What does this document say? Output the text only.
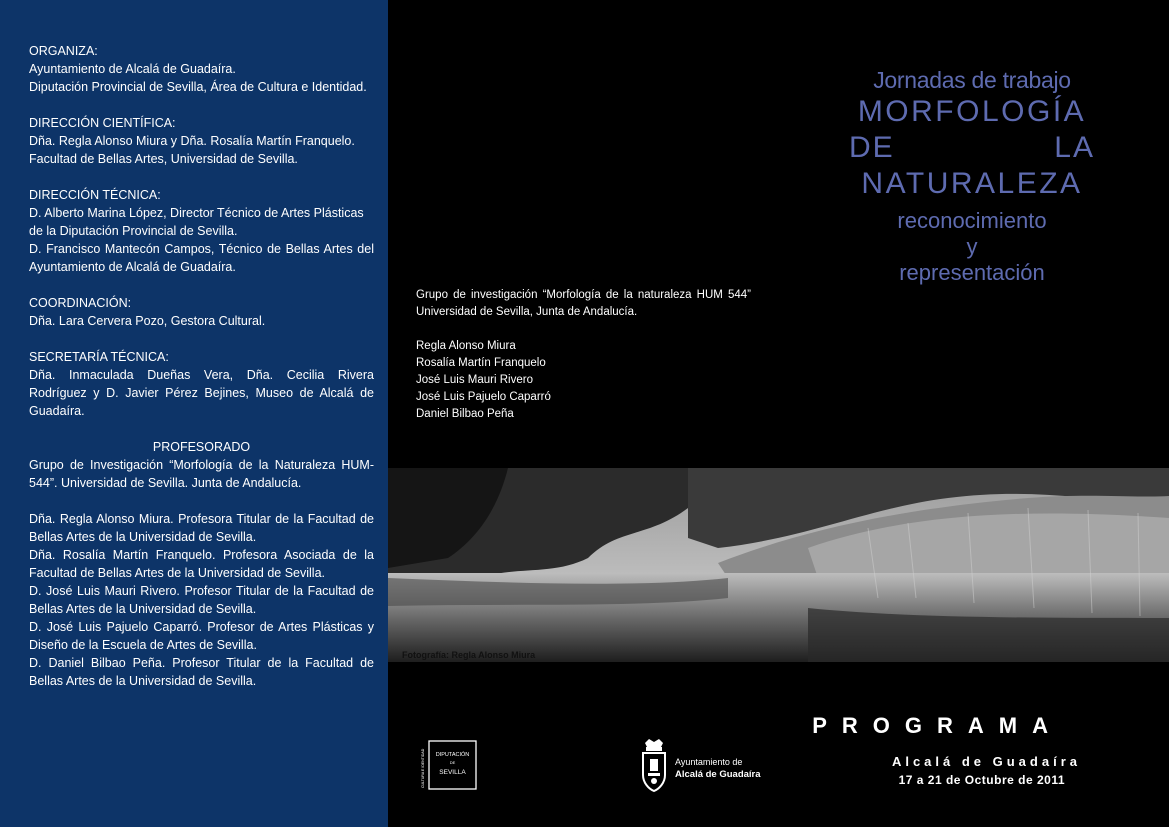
ORGANIZA:

Ayuntamiento de Alcalá de Guadaíra.

Diputación Provincial de Sevilla, Área de Cultura e Identidad.

DIRECCIÓN CIENTÍFICA:

Dña. Regla Alonso Miura y Dña. Rosalía Martín Franquelo. Facultad de Bellas Artes, Universidad de Sevilla.

DIRECCIÓN TÉCNICA:

D. Alberto Marina López, Director Técnico de Artes Plásticas de la Diputación Provincial de Sevilla.

D. Francisco Mantecón Campos, Técnico de Bellas Artes del Ayuntamiento de Alcalá de Guadaíra.

COORDINACIÓN:

Dña. Lara Cervera Pozo, Gestora Cultural.

SECRETARÍA TÉCNICA:

Dña. Inmaculada Dueñas Vera, Dña. Cecilia Rivera Rodríguez y D. Javier Pérez Bejines, Museo de Alcalá de Guadaíra.

PROFESORADO

Grupo de Investigación “Morfología de la Naturaleza HUM-544”. Universidad de Sevilla. Junta de Andalucía.

Dña. Regla Alonso Miura. Profesora Titular de la Facultad de Bellas Artes de la Universidad de Sevilla.

Dña. Rosalía Martín Franquelo. Profesora Asociada de la Facultad de Bellas Artes de la Universidad de Sevilla.

D. José Luis Mauri Rivero. Profesor Titular de la Facultad de Bellas Artes de la Universidad de Sevilla.

D. José Luis Pajuelo Caparró. Profesor de Artes Plásticas y Diseño de la Escuela de Artes de Sevilla.

D. Daniel Bilbao Peña. Profesor Titular de la Facultad de Bellas Artes de la Universidad de Sevilla.

Jornadas de trabajo
MORFOLOGÍA
DE LA
NATURALEZA
reconocimiento
y
representación

Grupo de investigación “Morfología de la naturaleza HUM 544” Universidad de Sevilla, Junta de Andalucía.

Regla Alonso Miura
Rosalía Martín Franquelo
José Luis Mauri Rivero
José Luis Pajuelo Caparró
Daniel Bilbao Peña
Fotografía: Regla Alonso Miura
PROGRAMA
Alcalá de Guadaíra
17 a 21 de Octubre de 2011
DIPUTACIÓN
DE
SEVILLA
CULTURA E IDENTIDAD	Ayuntamiento de
Alcalá de Guadaíra
